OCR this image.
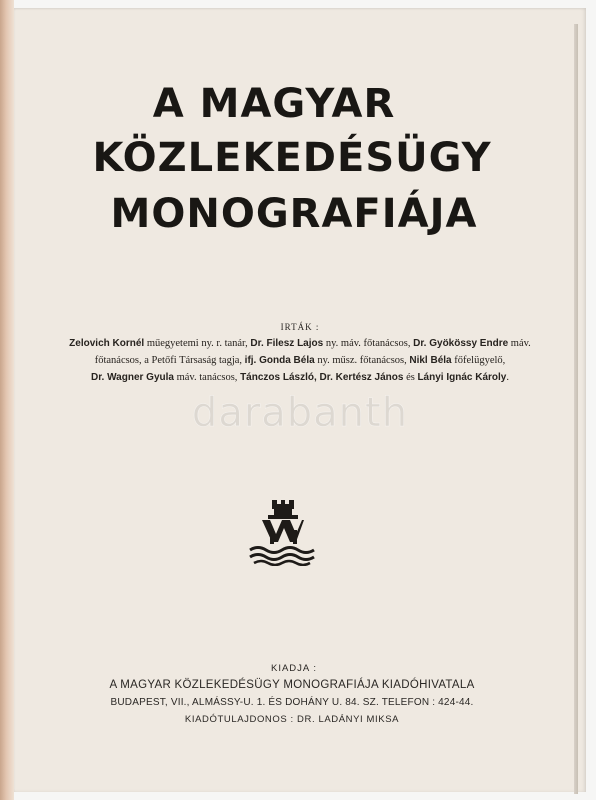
A MAGYAR
KÖZLEKEDÉSÜGY
MONOGRAFIÁJA
IRTÁK :
Zelovich Kornél műegyetemi ny. r. tanár, Dr. Filesz Lajos ny. máv. főtanácsos, Dr. Gyökössy Endre máv.
főtanácsos, a Petőfi Társaság tagja, ifj. Gonda Béla ny. műsz. főtanácsos, Nikl Béla főfelügyelő,
Dr. Wagner Gyula máv. tanácsos, Tánczos László, Dr. Kertész János és Lányi Ignác Károly.
darabanth
KIADJA :
A MAGYAR KÖZLEKEDÉSÜGY MONOGRAFIÁJA KIADÓHIVATALA
BUDAPEST, VII., ALMÁSSY-U. 1. ÉS DOHÁNY U. 84. SZ. TELEFON : 424-44.
KIADÓTULAJDONOS : DR. LADÁNYI MIKSA
